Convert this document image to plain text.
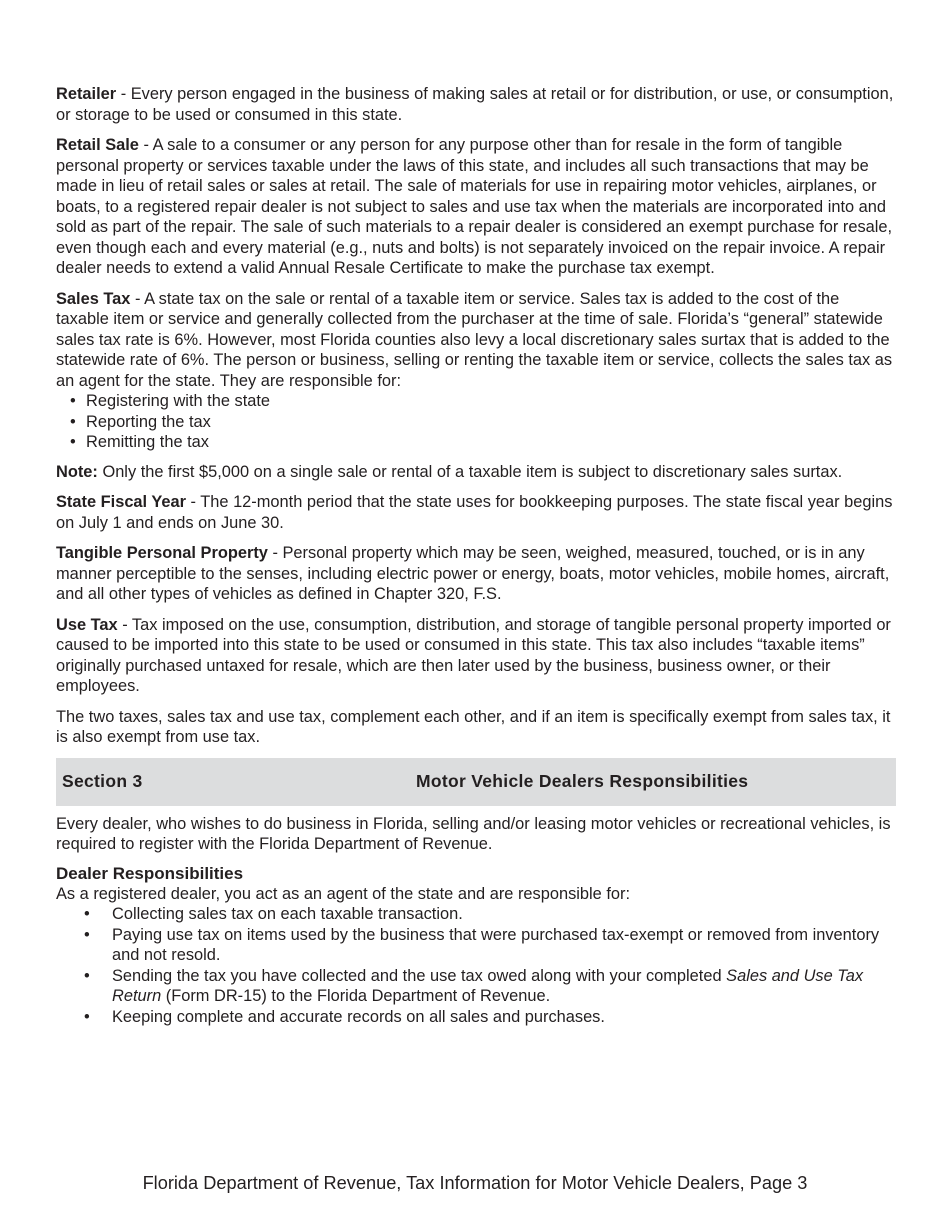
Retailer - Every person engaged in the business of making sales at retail or for distribution, or use, or consumption, or storage to be used or consumed in this state.

Retail Sale - A sale to a consumer or any person for any purpose other than for resale in the form of tangible personal property or services taxable under the laws of this state, and includes all such transactions that may be made in lieu of retail sales or sales at retail. The sale of materials for use in repairing motor vehicles, airplanes, or boats, to a registered repair dealer is not subject to sales and use tax when the materials are incorporated into and sold as part of the repair. The sale of such materials to a repair dealer is considered an exempt purchase for resale, even though each and every material (e.g., nuts and bolts) is not separately invoiced on the repair invoice. A repair dealer needs to extend a valid Annual Resale Certificate to make the purchase tax exempt.

Sales Tax - A state tax on the sale or rental of a taxable item or service. Sales tax is added to the cost of the taxable item or service and generally collected from the purchaser at the time of sale. Florida’s “general” statewide sales tax rate is 6%. However, most Florida counties also levy a local discretionary sales surtax that is added to the statewide rate of 6%. The person or business, selling or renting the taxable item or service, collects the sales tax as an agent for the state. They are responsible for:

• Registering with the state
• Reporting the tax
• Remitting the tax

Note: Only the first $5,000 on a single sale or rental of a taxable item is subject to discretionary sales surtax.

State Fiscal Year - The 12-month period that the state uses for bookkeeping purposes. The state fiscal year begins on July 1 and ends on June 30.

Tangible Personal Property - Personal property which may be seen, weighed, measured, touched, or is in any manner perceptible to the senses, including electric power or energy, boats, motor vehicles, mobile homes, aircraft, and all other types of vehicles as defined in Chapter 320, F.S.

Use Tax - Tax imposed on the use, consumption, distribution, and storage of tangible personal property imported or caused to be imported into this state to be used or consumed in this state. This tax also includes “taxable items” originally purchased untaxed for resale, which are then later used by the business, business owner, or their employees.

The two taxes, sales tax and use tax, complement each other, and if an item is specifically exempt from sales tax, it is also exempt from use tax.

Section 3	Motor Vehicle Dealers Responsibilities

Every dealer, who wishes to do business in Florida, selling and/or leasing motor vehicles or recreational vehicles, is required to register with the Florida Department of Revenue.

Dealer Responsibilities

As a registered dealer, you act as an agent of the state and are responsible for:

• Collecting sales tax on each taxable transaction.
• Paying use tax on items used by the business that were purchased tax-exempt or removed from inventory and not resold.
• Sending the tax you have collected and the use tax owed along with your completed Sales and Use Tax Return (Form DR-15) to the Florida Department of Revenue.
• Keeping complete and accurate records on all sales and purchases.
Florida Department of Revenue, Tax Information for Motor Vehicle Dealers, Page 3
